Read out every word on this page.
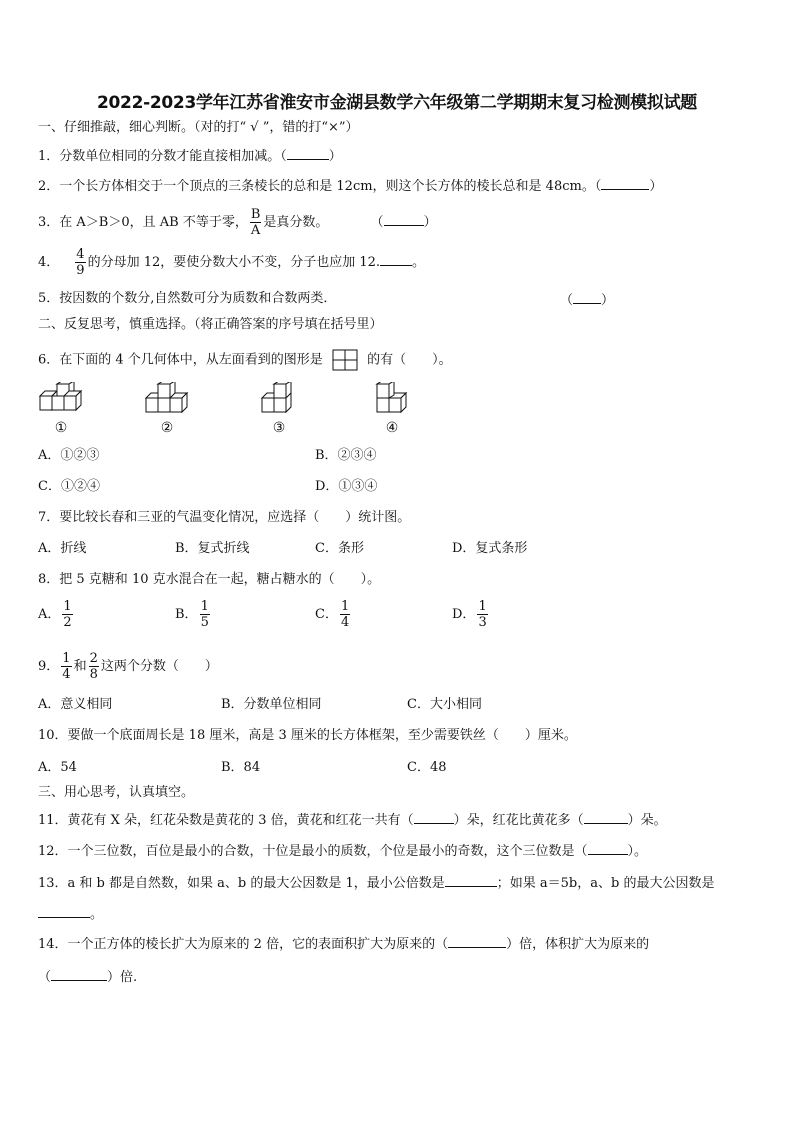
2022-2023学年江苏省淮安市金湖县数学六年级第二学期期末复习检测模拟试题
一、仔细推敲，细心判断。（对的打“ √ ”，错的打“×”）
1．分数单位相同的分数才能直接相加减。（	）
2．一个长方体相交于一个顶点的三条棱长的总和是 12cm，则这个长方体的棱长总和是 48cm。（	）
3．在 A＞B＞0，且 AB 不等于零， $\frac{B}{A}$ 是真分数。	（	）
4． $\frac{4}{9}$ 的分母加 12，要使分数大小不变，分子也应加 12. 。
5．按因数的个数分,自然数可分为质数和合数两类．	（ ）
二、反复思考，慎重选择。（将正确答案的序号填在括号里）
6．在下面的 4 个几何体中，从左面看到的图形是	的有（　　）。
①	②	③	④
A．①②③	B．②③④
C．①②④	D．①③④
7．要比较长春和三亚的气温变化情况，应选择（　　）统计图。
A．折线	B．复式折线	C．条形	D．复式条形
8．把 5 克糖和 10 克水混合在一起，糖占糖水的（　　）。
A． $\frac{1}{2}$	B． $\frac{1}{5}$	C． $\frac{1}{4}$	D． $\frac{1}{3}$
9． $\frac{1}{4}$ 和 $\frac{2}{8}$ 这两个分数（　　）
A．意义相同	B．分数单位相同	C．大小相同
10．要做一个底面周长是 18 厘米，高是 3 厘米的长方体框架，至少需要铁丝（　　）厘米。
A．54	B．84	C．48
三、用心思考，认真填空。
11．黄花有 X 朵，红花朵数是黄花的 3 倍，黄花和红花一共有（	）朵，红花比黄花多（	）朵。
12．一个三位数，百位是最小的合数，十位是最小的质数，个位是最小的奇数，这个三位数是（	）。
13．a 和 b 都是自然数，如果 a、b 的最大公因数是 1，最小公倍数是	；如果 a＝5b，a、b 的最大公因数是
。
14．一个正方体的棱长扩大为原来的 2 倍，它的表面积扩大为原来的（	）倍，体积扩大为原来的
（	）倍.
